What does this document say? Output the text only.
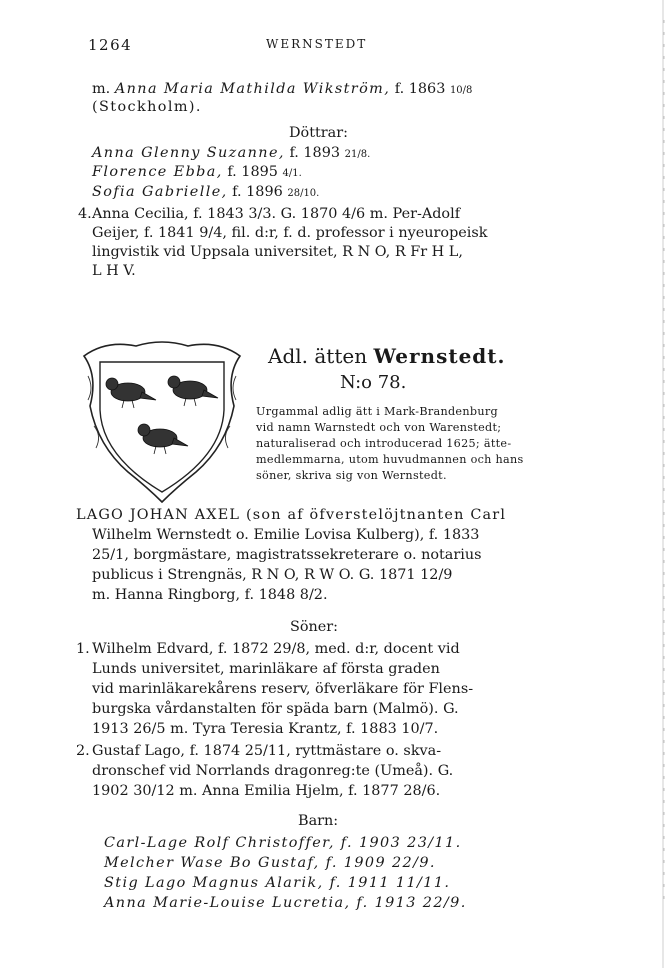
1264	WERNSTEDT
m. Anna Maria Mathilda Wikström, f. 1863 10/8
(Stockholm).
Döttrar:
Anna Glenny Suzanne, f. 1893 21/8.
Florence Ebba, f. 1895 4/1.
Sofia Gabrielle, f. 1896 28/10.
4. Anna Cecilia, f. 1843 3/3. G. 1870 4/6 m. Per-Adolf
Geijer, f. 1841 9/4, fil. d:r, f. d. professor i nyeuropeisk
lingvistik vid Uppsala universitet, R N O, R Fr H L,
L H V.
Adl. ätten Wernstedt.
N:o 78.
Urgammal adlig ätt i Mark-Brandenburg
vid namn Warnstedt och von Warenstedt;
naturaliserad och introducerad 1625; ätte-
medlemmarna, utom huvudmannen och hans
söner, skriva sig von Wernstedt.
LAGO JOHAN AXEL (son af öfverstelöjtnanten Carl
Wilhelm Wernstedt o. Emilie Lovisa Kulberg), f. 1833
25/1, borgmästare, magistratssekreterare o. notarius
publicus i Strengnäs, R N O, R W O. G. 1871 12/9
m. Hanna Ringborg, f. 1848 8/2.
Söner:
1. Wilhelm Edvard, f. 1872 29/8, med. d:r, docent vid
Lunds universitet, marinläkare af första graden
vid marinläkarekårens reserv, öfverläkare för Flens-
burgska vårdanstalten för späda barn (Malmö). G.
1913 26/5 m. Tyra Teresia Krantz, f. 1883 10/7.
2. Gustaf Lago, f. 1874 25/11, ryttmästare o. skva-
dronschef vid Norrlands dragonreg:te (Umeå). G.
1902 30/12 m. Anna Emilia Hjelm, f. 1877 28/6.
Barn:
Carl-Lage Rolf Christoffer, f. 1903 23/11.
Melcher Wase Bo Gustaf, f. 1909 22/9.
Stig Lago Magnus Alarik, f. 1911 11/11.
Anna Marie-Louise Lucretia, f. 1913 22/9.
